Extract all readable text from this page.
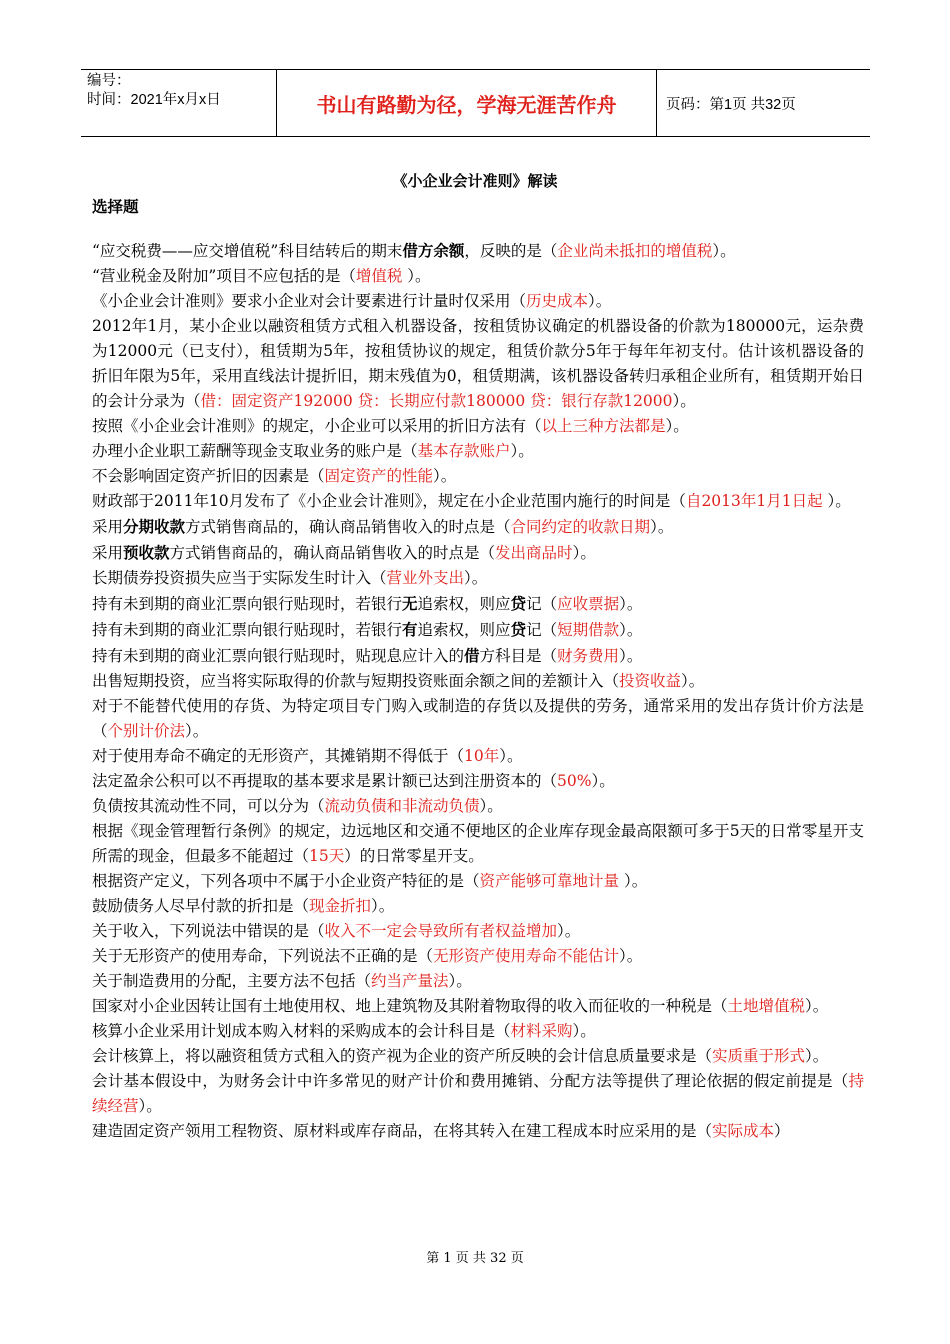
编号：
时间：2021年x月x日	书山有路勤为径，学海无涯苦作舟	页码：第1页 共32页
《小企业会计准则》解读
选择题

“应交税费——应交增值税”科目结转后的期末借方余额，反映的是（企业尚未抵扣的增值税）。

“营业税金及附加”项目不应包括的是（增值税 ）。

《小企业会计准则》要求小企业对会计要素进行计量时仅采用（历史成本）。

2012年1月，某小企业以融资租赁方式租入机器设备，按租赁协议确定的机器设备的价款为180000元，运杂费为12000元（已支付），租赁期为5年，按租赁协议的规定，租赁价款分5年于每年年初支付。估计该机器设备的折旧年限为5年，采用直线法计提折旧，期末残值为0，租赁期满，该机器设备转归承租企业所有，租赁期开始日的会计分录为（借：固定资产192000 贷：长期应付款180000 贷：银行存款12000）。

按照《小企业会计准则》的规定，小企业可以采用的折旧方法有（以上三种方法都是）。

办理小企业职工薪酬等现金支取业务的账户是（基本存款账户）。

不会影响固定资产折旧的因素是（固定资产的性能）。

财政部于2011年10月发布了《小企业会计准则》，规定在小企业范围内施行的时间是（自2013年1月1日起 ）。

采用分期收款方式销售商品的，确认商品销售收入的时点是（合同约定的收款日期）。

采用预收款方式销售商品的，确认商品销售收入的时点是（发出商品时）。

长期债券投资损失应当于实际发生时计入（营业外支出）。

持有未到期的商业汇票向银行贴现时，若银行无追索权，则应贷记（应收票据）。

持有未到期的商业汇票向银行贴现时，若银行有追索权，则应贷记（短期借款）。

持有未到期的商业汇票向银行贴现时，贴现息应计入的借方科目是（财务费用）。

出售短期投资，应当将实际取得的价款与短期投资账面余额之间的差额计入（投资收益）。

对于不能替代使用的存货、为特定项目专门购入或制造的存货以及提供的劳务，通常采用的发出存货计价方法是（个别计价法）。

对于使用寿命不确定的无形资产，其摊销期不得低于（10年）。

法定盈余公积可以不再提取的基本要求是累计额已达到注册资本的（50%）。

负债按其流动性不同，可以分为（流动负债和非流动负债）。

根据《现金管理暂行条例》的规定，边远地区和交通不便地区的企业库存现金最高限额可多于5天的日常零星开支所需的现金，但最多不能超过（15天）的日常零星开支。

根据资产定义，下列各项中不属于小企业资产特征的是（资产能够可靠地计量 ）。

鼓励债务人尽早付款的折扣是（现金折扣）。

关于收入，下列说法中错误的是（收入不一定会导致所有者权益增加）。

关于无形资产的使用寿命，下列说法不正确的是（无形资产使用寿命不能估计）。

关于制造费用的分配，主要方法不包括（约当产量法）。

国家对小企业因转让国有土地使用权、地上建筑物及其附着物取得的收入而征收的一种税是（土地增值税）。

核算小企业采用计划成本购入材料的采购成本的会计科目是（材料采购）。

会计核算上，将以融资租赁方式租入的资产视为企业的资产所反映的会计信息质量要求是（实质重于形式）。

会计基本假设中，为财务会计中许多常见的财产计价和费用摊销、分配方法等提供了理论依据的假定前提是（持续经营）。

建造固定资产领用工程物资、原材料或库存商品，在将其转入在建工程成本时应采用的是（实际成本）

第 1 页 共 32 页
